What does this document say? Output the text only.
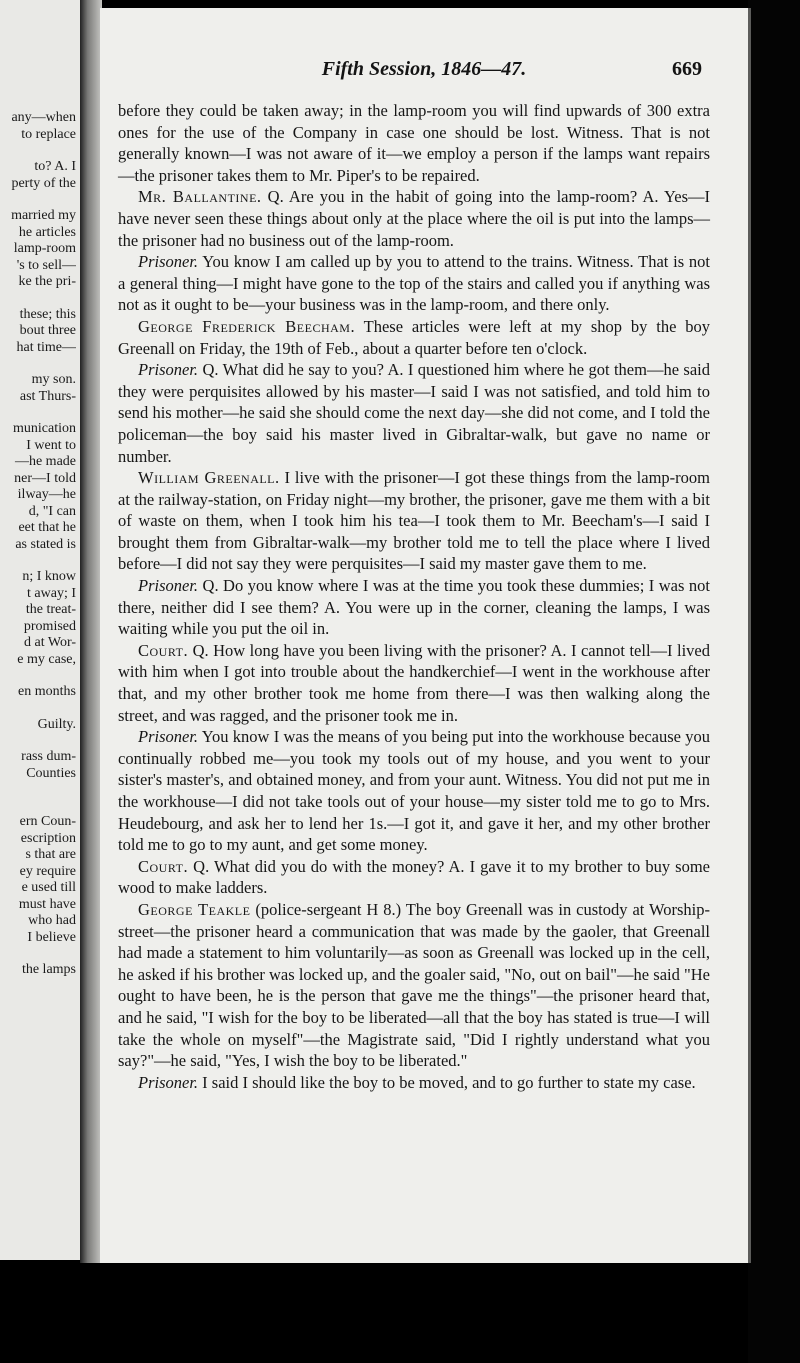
any—when
to replace
to? A. I
perty of the
married my
he articles
lamp-room
's to sell—
ke the pri-
these; this
bout three
hat time—
my son.
ast Thurs-
munication
I went to
—he made
ner—I told
ilway—he
d, "I can
eet that he
as stated is
n; I know
t away; I
the treat-
promised
d at Wor-
e my case,
en months
Guilty.
rass dum-
Counties
ern Coun-
escription
s that are
ey require
e used till
must have
who had
I believe
the lamps
Fifth Session, 1846—47.	669

before they could be taken away; in the lamp-room you will find upwards of 300 extra ones for the use of the Company in case one should be lost. Witness. That is not generally known—I was not aware of it—we employ a person if the lamps want repairs—the prisoner takes them to Mr. Piper's to be repaired.

Mr. Ballantine. Q. Are you in the habit of going into the lamp-room? A. Yes—I have never seen these things about only at the place where the oil is put into the lamps—the prisoner had no business out of the lamp-room.

Prisoner. You know I am called up by you to attend to the trains. Witness. That is not a general thing—I might have gone to the top of the stairs and called you if anything was not as it ought to be—your business was in the lamp-room, and there only.

George Frederick Beecham. These articles were left at my shop by the boy Greenall on Friday, the 19th of Feb., about a quarter before ten o'clock.

Prisoner. Q. What did he say to you? A. I questioned him where he got them—he said they were perquisites allowed by his master—I said I was not satisfied, and told him to send his mother—he said she should come the next day—she did not come, and I told the policeman—the boy said his master lived in Gibraltar-walk, but gave no name or number.

William Greenall. I live with the prisoner—I got these things from the lamp-room at the railway-station, on Friday night—my brother, the prisoner, gave me them with a bit of waste on them, when I took him his tea—I took them to Mr. Beecham's—I said I brought them from Gibraltar-walk—my brother told me to tell the place where I lived before—I did not say they were perquisites—I said my master gave them to me.

Prisoner. Q. Do you know where I was at the time you took these dummies; I was not there, neither did I see them? A. You were up in the corner, cleaning the lamps, I was waiting while you put the oil in.

Court. Q. How long have you been living with the prisoner? A. I cannot tell—I lived with him when I got into trouble about the handkerchief—I went in the workhouse after that, and my other brother took me home from there—I was then walking along the street, and was ragged, and the prisoner took me in.

Prisoner. You know I was the means of you being put into the workhouse because you continually robbed me—you took my tools out of my house, and you went to your sister's master's, and obtained money, and from your aunt. Witness. You did not put me in the workhouse—I did not take tools out of your house—my sister told me to go to Mrs. Heudebourg, and ask her to lend her 1s.—I got it, and gave it her, and my other brother told me to go to my aunt, and get some money.

Court. Q. What did you do with the money? A. I gave it to my brother to buy some wood to make ladders.

George Teakle (police-sergeant H 8.) The boy Greenall was in custody at Worship-street—the prisoner heard a communication that was made by the gaoler, that Greenall had made a statement to him voluntarily—as soon as Greenall was locked up in the cell, he asked if his brother was locked up, and the goaler said, "No, out on bail"—he said "He ought to have been, he is the person that gave me the things"—the prisoner heard that, and he said, "I wish for the boy to be liberated—all that the boy has stated is true—I will take the whole on myself"—the Magistrate said, "Did I rightly understand what you say?"—he said, "Yes, I wish the boy to be liberated."

Prisoner. I said I should like the boy to be moved, and to go further to state my case.
